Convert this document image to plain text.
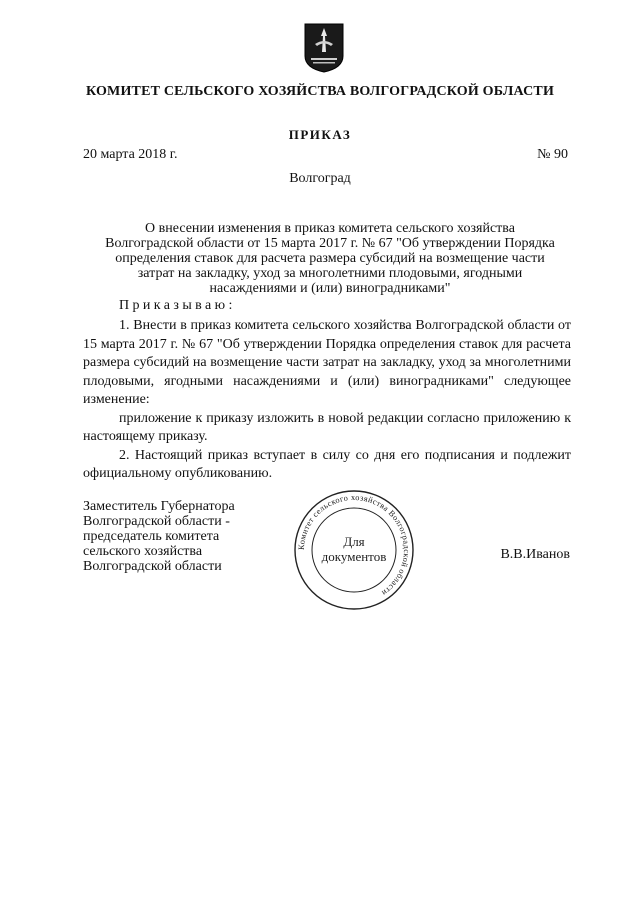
КОМИТЕТ СЕЛЬСКОГО ХОЗЯЙСТВА ВОЛГОГРАДСКОЙ ОБЛАСТИ
ПРИКАЗ
20 марта 2018 г.	№ 90
Волгоград
О внесении изменения в приказ комитета сельского хозяйства
Волгоградской области от 15 марта 2017 г. № 67 "Об утверждении Порядка
определения ставок для расчета размера субсидий на возмещение части
затрат на закладку, уход за многолетними плодовыми, ягодными
насаждениями и (или) виноградниками"
Приказываю:

1. Внести в приказ комитета сельского хозяйства Волгоградской области от 15 марта 2017 г. № 67 "Об утверждении Порядка определения ставок для расчета размера субсидий на возмещение части затрат на закладку, уход за многолетними плодовыми, ягодными насаждениями и (или) виноградниками" следующее изменение:

приложение к приказу изложить в новой редакции согласно приложению к настоящему приказу.

2. Настоящий приказ вступает в силу со дня его подписания и подлежит официальному опубликованию.

Заместитель Губернатора
Волгоградской области -
председатель комитета
сельского хозяйства
Волгоградской области
Комитет сельского хозяйства Волгоградской области
Для
документов	В.В.Иванов
